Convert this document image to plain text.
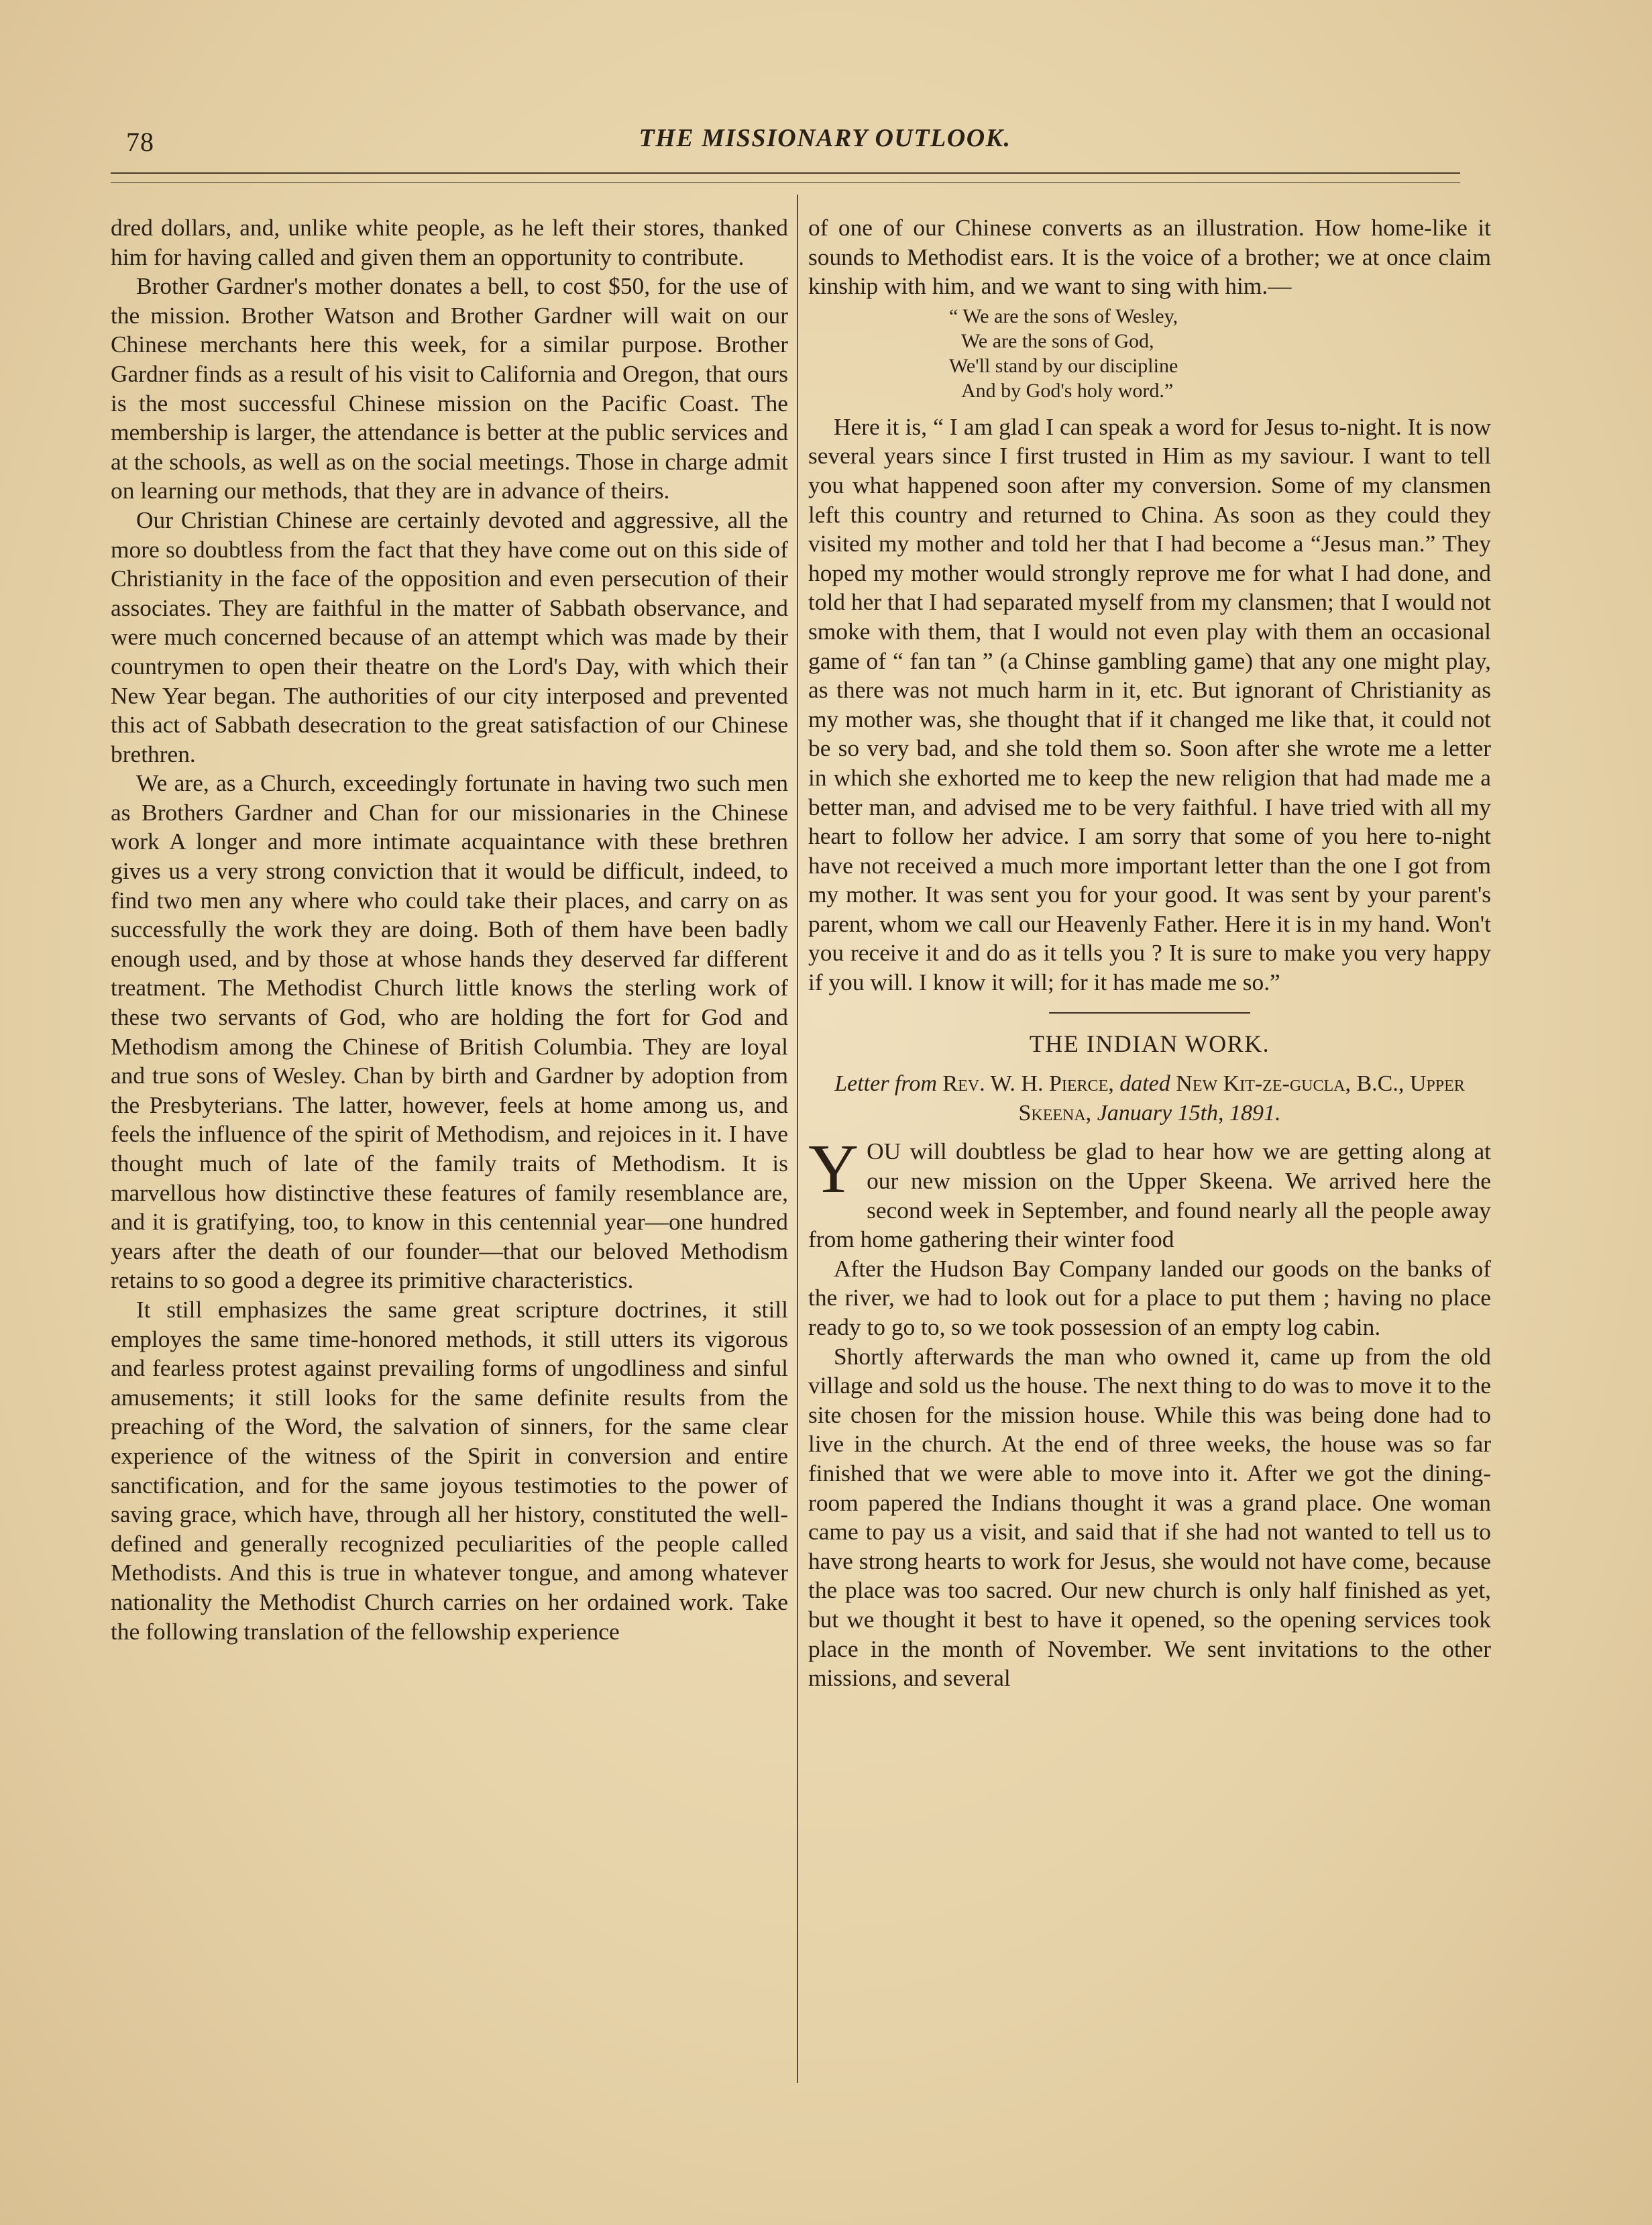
78	THE MISSIONARY OUTLOOK.

dred dollars, and, unlike white people, as he left their stores, thanked him for having called and given them an opportunity to contribute.

Brother Gardner's mother donates a bell, to cost $50, for the use of the mission. Brother Watson and Brother Gardner will wait on our Chinese merchants here this week, for a similar purpose. Brother Gardner finds as a result of his visit to California and Oregon, that ours is the most successful Chinese mission on the Pacific Coast. The membership is larger, the attendance is better at the public services and at the schools, as well as on the social meetings. Those in charge admit on learning our methods, that they are in advance of theirs.

Our Christian Chinese are certainly devoted and aggressive, all the more so doubtless from the fact that they have come out on this side of Christianity in the face of the opposition and even persecution of their associates. They are faithful in the matter of Sabbath observance, and were much concerned because of an attempt which was made by their countrymen to open their theatre on the Lord's Day, with which their New Year began. The authorities of our city interposed and prevented this act of Sabbath desecration to the great satisfaction of our Chinese brethren.

We are, as a Church, exceedingly fortunate in having two such men as Brothers Gardner and Chan for our missionaries in the Chinese work A longer and more intimate acquaintance with these brethren gives us a very strong conviction that it would be difficult, indeed, to find two men any where who could take their places, and carry on as successfully the work they are doing. Both of them have been badly enough used, and by those at whose hands they deserved far different treatment. The Methodist Church little knows the sterling work of these two servants of God, who are holding the fort for God and Methodism among the Chinese of British Columbia. They are loyal and true sons of Wesley. Chan by birth and Gardner by adoption from the Presbyterians. The latter, however, feels at home among us, and feels the influence of the spirit of Methodism, and rejoices in it. I have thought much of late of the family traits of Methodism. It is marvellous how distinctive these features of family resemblance are, and it is gratifying, too, to know in this centennial year—one hundred years after the death of our founder—that our beloved Methodism retains to so good a degree its primitive characteristics.

It still emphasizes the same great scripture doctrines, it still employes the same time-honored methods, it still utters its vigorous and fearless protest against prevailing forms of ungodliness and sinful amusements; it still looks for the same definite results from the preaching of the Word, the salvation of sinners, for the same clear experience of the witness of the Spirit in conversion and entire sanctification, and for the same joyous testimoties to the power of saving grace, which have, through all her history, constituted the well-defined and generally recognized peculiarities of the people called Methodists. And this is true in whatever tongue, and among whatever nationality the Methodist Church carries on her ordained work. Take the following translation of the fellowship experience

of one of our Chinese converts as an illustration. How home-like it sounds to Methodist ears. It is the voice of a brother; we at once claim kinship with him, and we want to sing with him.—

“ We are the sons of Wesley,
We are the sons of God,
We'll stand by our discipline
And by God's holy word.”

Here it is, “ I am glad I can speak a word for Jesus to-night. It is now several years since I first trusted in Him as my saviour. I want to tell you what happened soon after my conversion. Some of my clansmen left this country and returned to China. As soon as they could they visited my mother and told her that I had become a “Jesus man.” They hoped my mother would strongly reprove me for what I had done, and told her that I had separated myself from my clansmen; that I would not smoke with them, that I would not even play with them an occasional game of “ fan tan ” (a Chinse gambling game) that any one might play, as there was not much harm in it, etc. But ignorant of Christianity as my mother was, she thought that if it changed me like that, it could not be so very bad, and she told them so. Soon after she wrote me a letter in which she exhorted me to keep the new religion that had made me a better man, and advised me to be very faithful. I have tried with all my heart to follow her advice. I am sorry that some of you here to-night have not received a much more important letter than the one I got from my mother. It was sent you for your good. It was sent by your parent's parent, whom we call our Heavenly Father. Here it is in my hand. Won't you receive it and do as it tells you ? It is sure to make you very happy if you will. I know it will; for it has made me so.”

THE INDIAN WORK.
Letter from Rev. W. H. Pierce, dated New Kit-ze-gucla, B.C., Upper Skeena, January 15th, 1891.

YOU will doubtless be glad to hear how we are getting along at our new mission on the Upper Skeena. We arrived here the second week in September, and found nearly all the people away from home gathering their winter food

After the Hudson Bay Company landed our goods on the banks of the river, we had to look out for a place to put them ; having no place ready to go to, so we took possession of an empty log cabin.

Shortly afterwards the man who owned it, came up from the old village and sold us the house. The next thing to do was to move it to the site chosen for the mission house. While this was being done had to live in the church. At the end of three weeks, the house was so far finished that we were able to move into it. After we got the dining-room papered the Indians thought it was a grand place. One woman came to pay us a visit, and said that if she had not wanted to tell us to have strong hearts to work for Jesus, she would not have come, because the place was too sacred. Our new church is only half finished as yet, but we thought it best to have it opened, so the opening services took place in the month of November. We sent invitations to the other missions, and several
